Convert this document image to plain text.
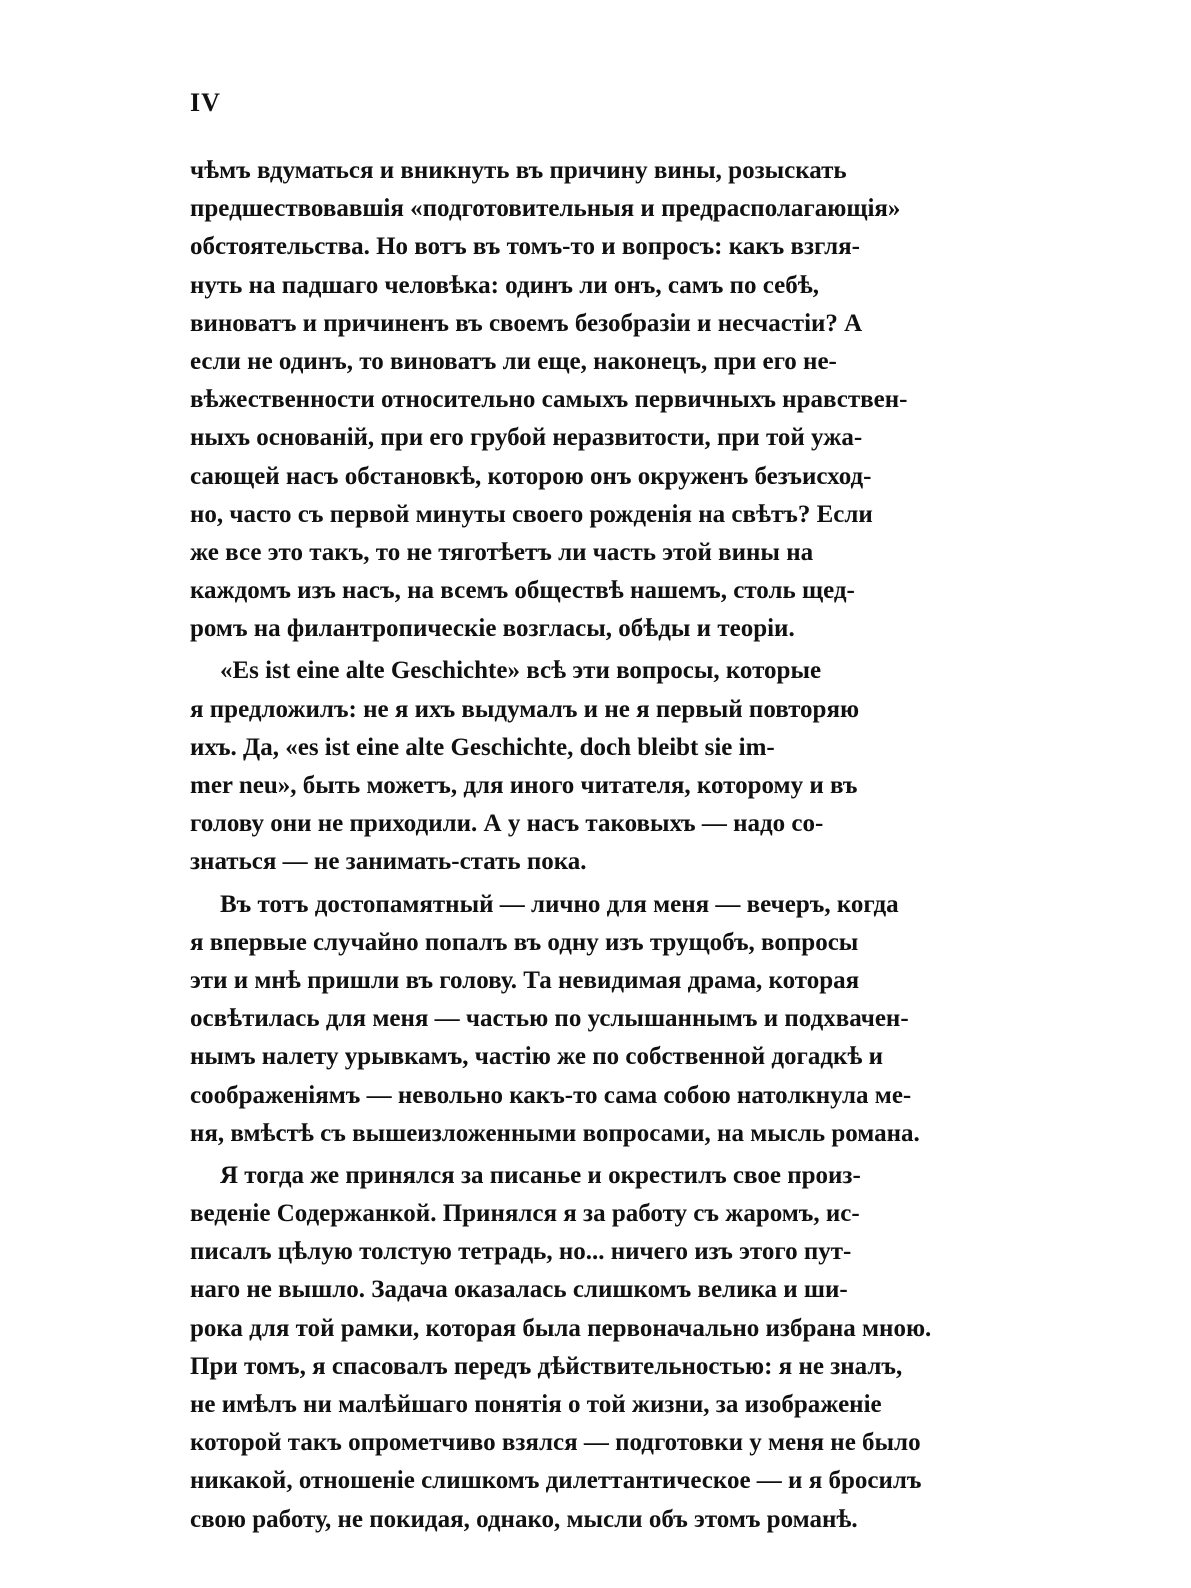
IV
чѣмъ вдуматься и вникнуть въ причину вины, розыскать
предшествовавшія «подготовительныя и предрасполагающія»
обстоятельства. Но вотъ въ томъ-то и вопросъ: какъ взгля-
нуть на падшаго человѣка: одинъ ли онъ, самъ по себѣ,
виноватъ и причиненъ въ своемъ безобразіи и несчастіи? А
если не одинъ, то виноватъ ли еще, наконецъ, при его не-
вѣжественности относительно самыхъ первичныхъ нравствен-
ныхъ основаній, при его грубой неразвитости, при той ужа-
сающей насъ обстановкѣ, которою онъ окруженъ безъисход-
но, часто съ первой минуты своего рожденія на свѣтъ? Если
же все это такъ, то не тяготѣетъ ли часть этой вины на
каждомъ изъ насъ, на всемъ обществѣ нашемъ, столь щед-
ромъ на филантропическіе возгласы, обѣды и теоріи.
«Es ist eine alte Geschichte» всѣ эти вопросы, которые
я предложилъ: не я ихъ выдумалъ и не я первый повторяю
ихъ. Да, «es ist eine alte Geschichte, doch bleibt sie im-
mer neu», быть можетъ, для иного читателя, которому и въ
голову они не приходили. А у насъ таковыхъ — надо со-
знаться — не занимать-стать пока.
Въ тотъ достопамятный — лично для меня — вечеръ, когда
я впервые случайно попалъ въ одну изъ трущобъ, вопросы
эти и мнѣ пришли въ голову. Та невидимая драма, которая
освѣтилась для меня — частью по услышаннымъ и подхвачен-
нымъ налету урывкамъ, частію же по собственной догадкѣ и
соображеніямъ — невольно какъ-то сама собою натолкнула ме-
ня, вмѣстѣ съ вышеизложенными вопросами, на мысль романа.
Я тогда же принялся за писанье и окрестилъ свое произ-
веденіе Содержанкой. Принялся я за работу съ жаромъ, ис-
писалъ цѣлую толстую тетрадь, но... ничего изъ этого пут-
наго не вышло. Задача оказалась слишкомъ велика и ши-
рока для той рамки, которая была первоначально избрана мною.
При томъ, я спасовалъ передъ дѣйствительностью: я не зналъ,
не имѣлъ ни малѣйшаго понятія о той жизни, за изображеніе
которой такъ опрометчиво взялся — подготовки у меня не было
никакой, отношеніе слишкомъ дилеттантическое — и я бросилъ
свою работу, не покидая, однако, мысли объ этомъ романѣ.
